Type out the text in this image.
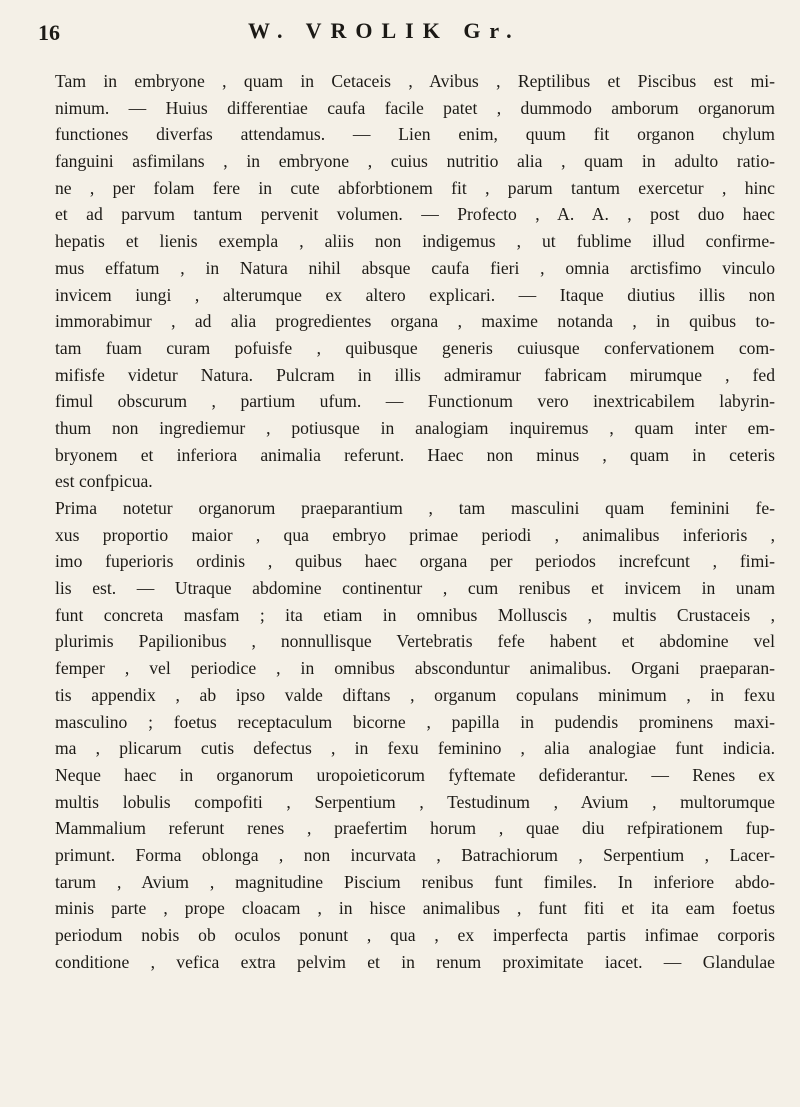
16	W. VROLIK Gr.
Tam in embryone , quam in Cetaceis , Avibus , Reptilibus et Piscibus est mi-
nimum. — Huius differentiae caufa facile patet , dummodo amborum organorum
functiones diverfas attendamus. — Lien enim, quum fit organon chylum
fanguini asfimilans , in embryone , cuius nutritio alia , quam in adulto ratio-
ne , per folam fere in cute abforbtionem fit , parum tantum exercetur , hinc
et ad parvum tantum pervenit volumen. — Profecto , A. A. , post duo haec
hepatis et lienis exempla , aliis non indigemus , ut fublime illud confirme-
mus effatum , in Natura nihil absque caufa fieri , omnia arctisfimo vinculo
invicem iungi , alterumque ex altero explicari. — Itaque diutius illis non
immorabimur , ad alia progredientes organa , maxime notanda , in quibus to-
tam fuam curam pofuisfe , quibusque generis cuiusque confervationem com-
mifisfe videtur Natura. Pulcram in illis admiramur fabricam mirumque , fed
fimul obscurum , partium ufum. — Functionum vero inextricabilem labyrin-
thum non ingrediemur , potiusque in analogiam inquiremus , quam inter em-
bryonem et inferiora animalia referunt. Haec non minus , quam in ceteris
est confpicua.
Prima notetur organorum praeparantium , tam masculini quam feminini fe-
xus proportio maior , qua embryo primae periodi , animalibus inferioris ,
imo fuperioris ordinis , quibus haec organa per periodos increfcunt , fimi-
lis est. — Utraque abdomine continentur , cum renibus et invicem in unam
funt concreta masfam ; ita etiam in omnibus Molluscis , multis Crustaceis ,
plurimis Papilionibus , nonnullisque Vertebratis fefe habent et abdomine vel
femper , vel periodice , in omnibus absconduntur animalibus. Organi praeparan-
tis appendix , ab ipso valde diftans , organum copulans minimum , in fexu
masculino ; foetus receptaculum bicorne , papilla in pudendis prominens maxi-
ma , plicarum cutis defectus , in fexu feminino , alia analogiae funt indicia.
Neque haec in organorum uropoieticorum fyftemate defiderantur. — Renes ex
multis lobulis compofiti , Serpentium , Testudinum , Avium , multorumque
Mammalium referunt renes , praefertim horum , quae diu refpirationem fup-
primunt. Forma oblonga , non incurvata , Batrachiorum , Serpentium , Lacer-
tarum , Avium , magnitudine Piscium renibus funt fimiles. In inferiore abdo-
minis parte , prope cloacam , in hisce animalibus , funt fiti et ita eam foetus
periodum nobis ob oculos ponunt , qua , ex imperfecta partis infimae corporis
conditione , vefica extra pelvim et in renum proximitate iacet. — Glandulae
